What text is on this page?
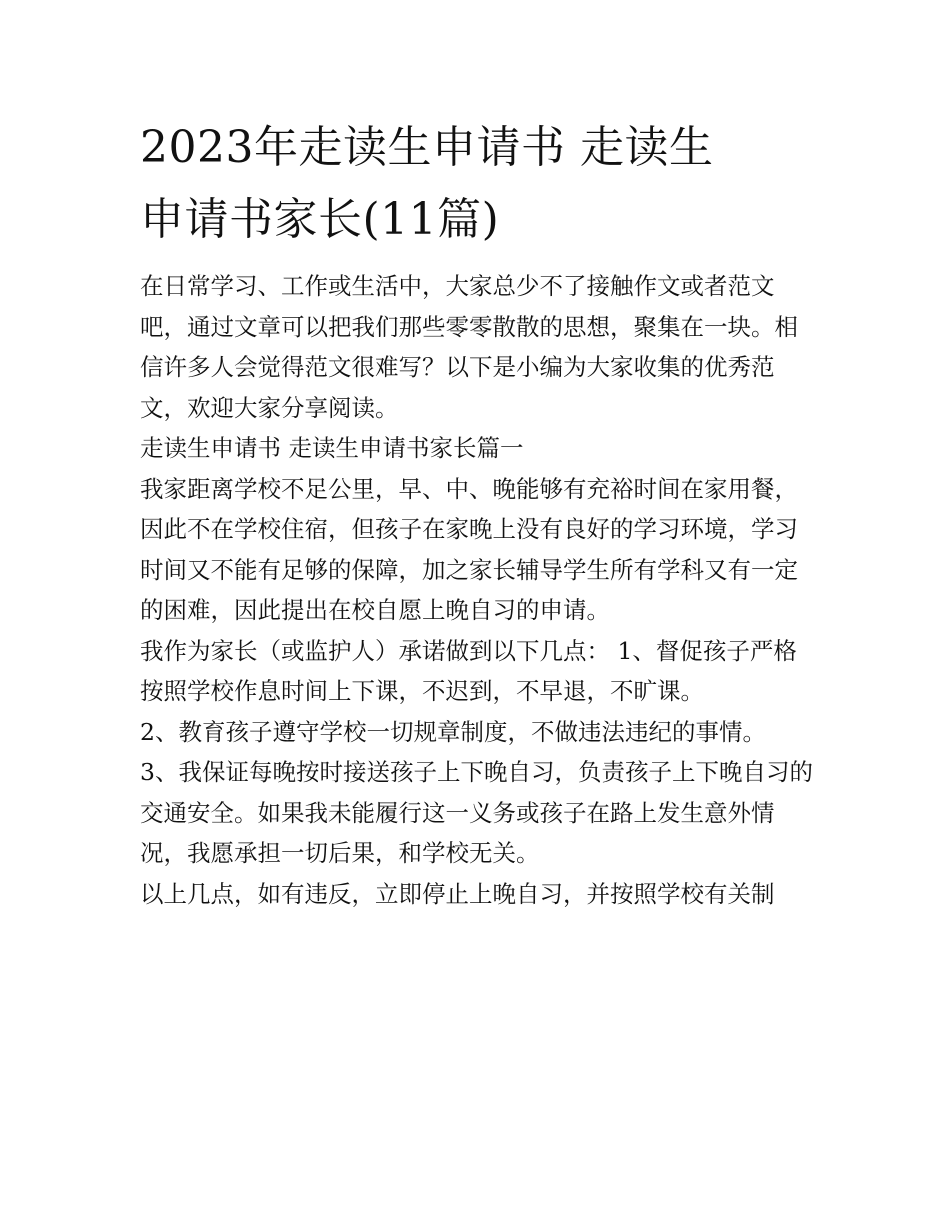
2023年走读生申请书 走读生
申请书家长(11篇)

在日常学习、工作或生活中，大家总少不了接触作文或者范文吧，通过文章可以把我们那些零零散散的思想，聚集在一块。相信许多人会觉得范文很难写？以下是小编为大家收集的优秀范文，欢迎大家分享阅读。

走读生申请书 走读生申请书家长篇一

我家距离学校不足公里，早、中、晚能够有充裕时间在家用餐，因此不在学校住宿，但孩子在家晚上没有良好的学习环境，学习时间又不能有足够的保障，加之家长辅导学生所有学科又有一定的困难，因此提出在校自愿上晚自习的申请。

我作为家长（或监护人）承诺做到以下几点： 1、督促孩子严格按照学校作息时间上下课，不迟到，不早退，不旷课。

2、教育孩子遵守学校一切规章制度，不做违法违纪的事情。

3、我保证每晚按时接送孩子上下晚自习，负责孩子上下晚自习的交通安全。如果我未能履行这一义务或孩子在路上发生意外情况，我愿承担一切后果，和学校无关。

以上几点，如有违反，立即停止上晚自习，并按照学校有关制
